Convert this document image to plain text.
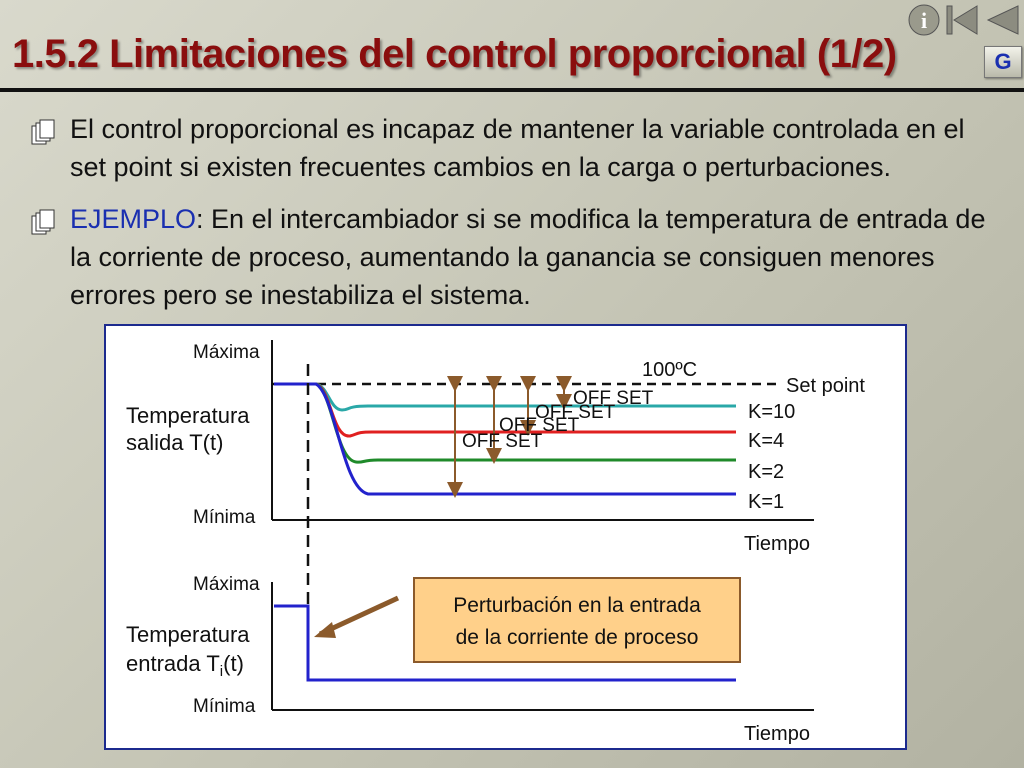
i
G
1.5.2 Limitaciones del control proporcional (1/2)
El control proporcional es incapaz de mantener la variable controlada en el set point si existen frecuentes cambios en la carga o perturbaciones.
EJEMPLO: En el intercambiador si se modifica la temperatura de entrada de la corriente de proceso, aumentando la ganancia se consiguen menores errores pero se inestabiliza el sistema.
Máxima
Mínima
Temperatura
salida T(t)
Tiempo
100ºC
Set point
OFF SET
OFF SET
OFF SET
OFF SET
K=10
K=4
K=2
K=1
Máxima
Mínima
Temperatura
entrada $T_i(t)$
Tiempo
Perturbación en la entrada
de la corriente de proceso
